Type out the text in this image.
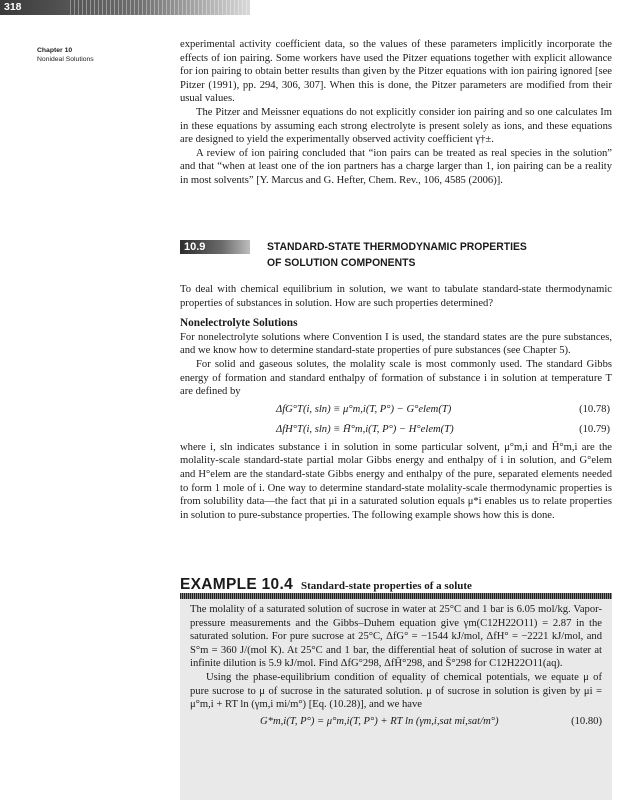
318
Chapter 10
Nonideal Solutions

experimental activity coefficient data, so the values of these parameters implicitly incorporate the effects of ion pairing. Some workers have used the Pitzer equations together with explicit allowance for ion pairing to obtain better results than given by the Pitzer equations with ion pairing ignored [see Pitzer (1991), pp. 294, 306, 307]. When this is done, the Pitzer parameters are modified from their usual values.

The Pitzer and Meissner equations do not explicitly consider ion pairing and so one calculates Im in these equations by assuming each strong electrolyte is present solely as ions, and these equations are designed to yield the experimentally observed activity coefficient γ†±.

A review of ion pairing concluded that “ion pairs can be treated as real species in the solution” and that “when at least one of the ion partners has a charge larger than 1, ion pairing can be a reality in most solvents” [Y. Marcus and G. Hefter, Chem. Rev., 106, 4585 (2006)].

10.9	STANDARD-STATE THERMODYNAMIC PROPERTIES
OF SOLUTION COMPONENTS

To deal with chemical equilibrium in solution, we want to tabulate standard-state thermodynamic properties of substances in solution. How are such properties determined?

Nonelectrolyte Solutions

For nonelectrolyte solutions where Convention I is used, the standard states are the pure substances, and we know how to determine standard-state properties of pure substances (see Chapter 5).

For solid and gaseous solutes, the molality scale is most commonly used. The standard Gibbs energy of formation and standard enthalpy of formation of substance i in solution at temperature T are defined by

ΔfG°T(i, sln) ≡ μ°m,i(T, P°) − G°elem(T)	(10.78)
ΔfH°T(i, sln) ≡ H̄°m,i(T, P°) − H°elem(T)	(10.79)

where i, sln indicates substance i in solution in some particular solvent, μ°m,i and H̄°m,i are the molality-scale standard-state partial molar Gibbs energy and enthalpy of i in solution, and G°elem and H°elem are the standard-state Gibbs energy and enthalpy of the pure, separated elements needed to form 1 mole of i. One way to determine standard-state molality-scale thermodynamic properties is from solubility data—the fact that μi in a saturated solution equals μ*i enables us to relate properties in solution to pure-substance properties. The following example shows how this is done.

EXAMPLE 10.4 Standard-state properties of a solute

The molality of a saturated solution of sucrose in water at 25°C and 1 bar is 6.05 mol/kg. Vapor-pressure measurements and the Gibbs–Duhem equation give γm(C12H22O11) = 2.87 in the saturated solution. For pure sucrose at 25°C, ΔfG° = −1544 kJ/mol, ΔfH° = −2221 kJ/mol, and S°m = 360 J/(mol K). At 25°C and 1 bar, the differential heat of solution of sucrose in water at infinite dilution is 5.9 kJ/mol. Find ΔfG°298, ΔfH̄°298, and S̄°298 for C12H22O11(aq).

Using the phase-equilibrium condition of equality of chemical potentials, we equate μ of pure sucrose to μ of sucrose in the saturated solution. μ of sucrose in solution is given by μi = μ°m,i + RT ln (γm,i mi/m°) [Eq. (10.28)], and we have

G*m,i(T, P°) = μ°m,i(T, P°) + RT ln (γm,i,sat mi,sat/m°)	(10.80)
